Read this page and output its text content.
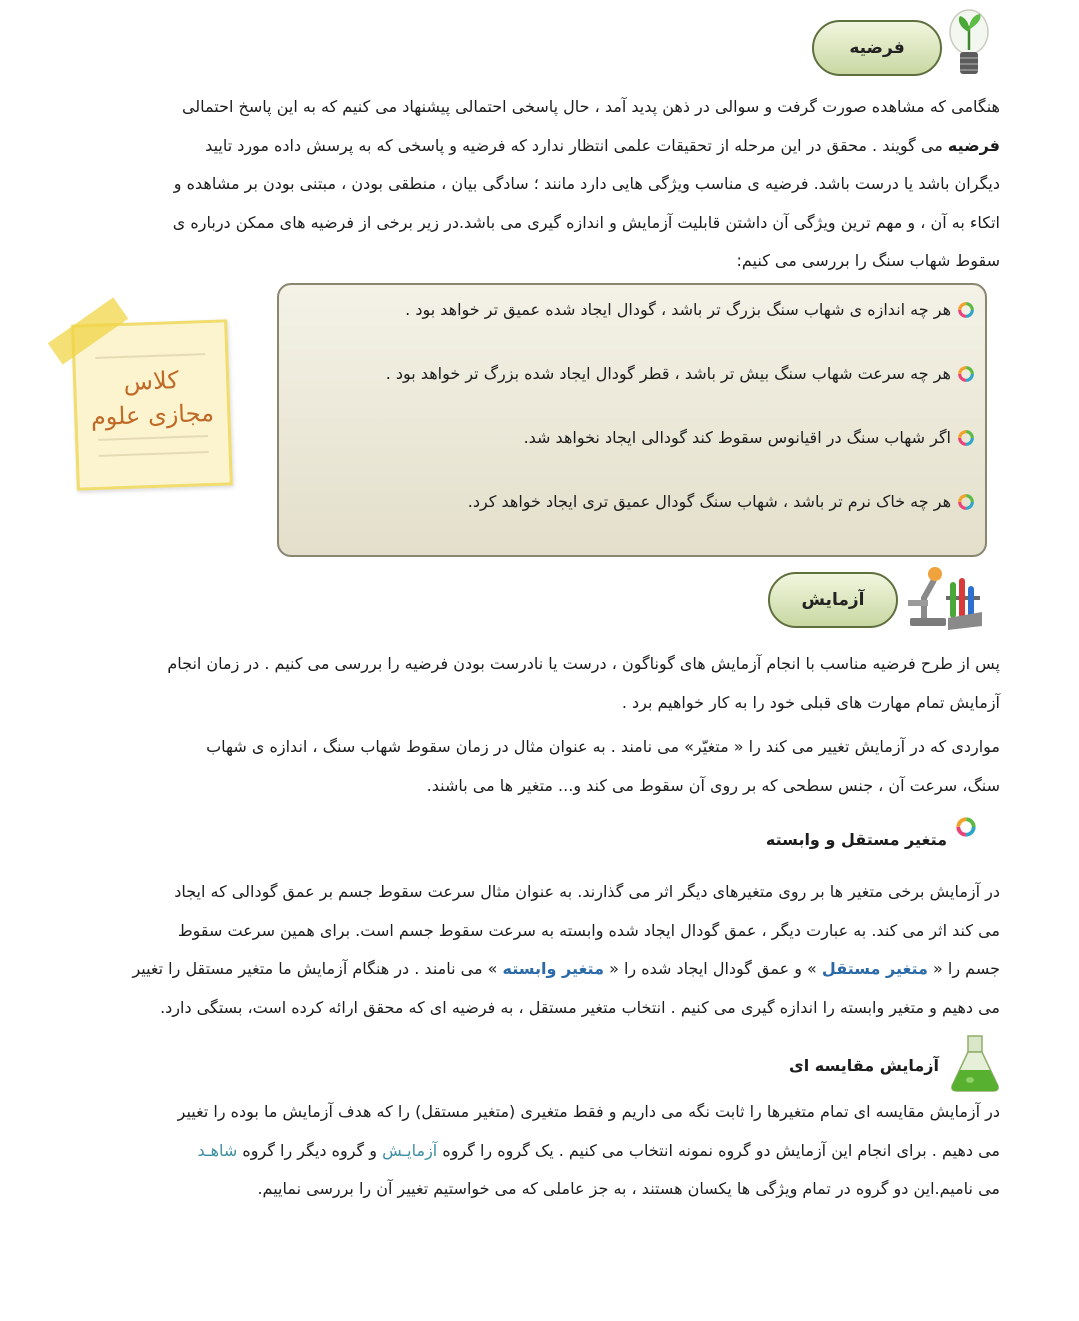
فرضیه

هنگامی که مشاهده صورت گرفت و سوالی در ذهن پدید آمد ، حال پاسخی احتمالی پیشنهاد می کنیم که به این پاسخ احتمالی

فرضیه می گویند . محقق در این مرحله از تحقیقات علمی انتظار ندارد که فرضیه و پاسخی که به پرسش داده مورد تایید

دیگران باشد یا درست باشد. فرضیه ی مناسب ویژگی هایی دارد مانند ؛ سادگی بیان ، منطقی بودن ، مبتنی بودن بر مشاهده و

اتکاء به آن ، و مهم ترین ویژگی آن داشتن قابلیت آزمایش و اندازه گیری می باشد.در زیر برخی از فرضیه های ممکن درباره ی

سقوط شهاب سنگ را بررسی می کنیم:

کلاس
مجازی علوم
هر چه اندازه ی شهاب سنگ بزرگ تر باشد ، گودال ایجاد شده عمیق تر خواهد بود .
هر چه سرعت شهاب سنگ بیش تر باشد ، قطر گودال ایجاد شده بزرگ تر خواهد بود .
اگر شهاب سنگ در اقیانوس سقوط کند گودالی ایجاد نخواهد شد.
هر چه خاک نرم تر باشد ، شهاب سنگ گودال عمیق تری ایجاد خواهد کرد.
آزمایش

پس از طرح فرضیه مناسب با انجام آزمایش های گوناگون ، درست یا نادرست بودن فرضیه را بررسی می کنیم . در زمان انجام

آزمایش تمام مهارت های قبلی خود را به کار خواهیم برد .

مواردی که در آزمایش تغییر می کند را « متغیّر» می نامند . به عنوان مثال در زمان سقوط شهاب سنگ ، اندازه ی شهاب

سنگ، سرعت آن ، جنس سطحی که بر روی آن سقوط می کند و... متغیر ها می باشند.

متغیر مستقل و وابسته

در آزمایش برخی متغیر ها بر روی متغیرهای دیگر اثر می گذارند. به عنوان مثال سرعت سقوط جسم بر عمق گودالی که ایجاد

می کند اثر می کند. به عبارت دیگر ، عمق گودال ایجاد شده وابسته به سرعت سقوط جسم است. برای همین سرعت سقوط

جسم را « متغیر مستقل » و عمق گودال ایجاد شده را « متغیر وابسته » می نامند . در هنگام آزمایش ما متغیر مستقل را تغییر

می دهیم و متغیر وابسته را اندازه گیری می کنیم . انتخاب متغیر مستقل ، به فرضیه ای که محقق ارائه کرده است، بستگی دارد.

آزمایش مقایسه ای

در آزمایش مقایسه ای تمام متغیرها را ثابت نگه می داریم و فقط متغیری (متغیر مستقل) را که هدف آزمایش ما بوده را تغییر

می دهیم . برای انجام این آزمایش دو گروه نمونه انتخاب می کنیم . یک گروه را گروه آزمایـش و گروه دیگر را گروه شاهـد

می نامیم.این دو گروه در تمام ویژگی ها یکسان هستند ، به جز عاملی که می خواستیم تغییر آن را بررسی نماییم.
